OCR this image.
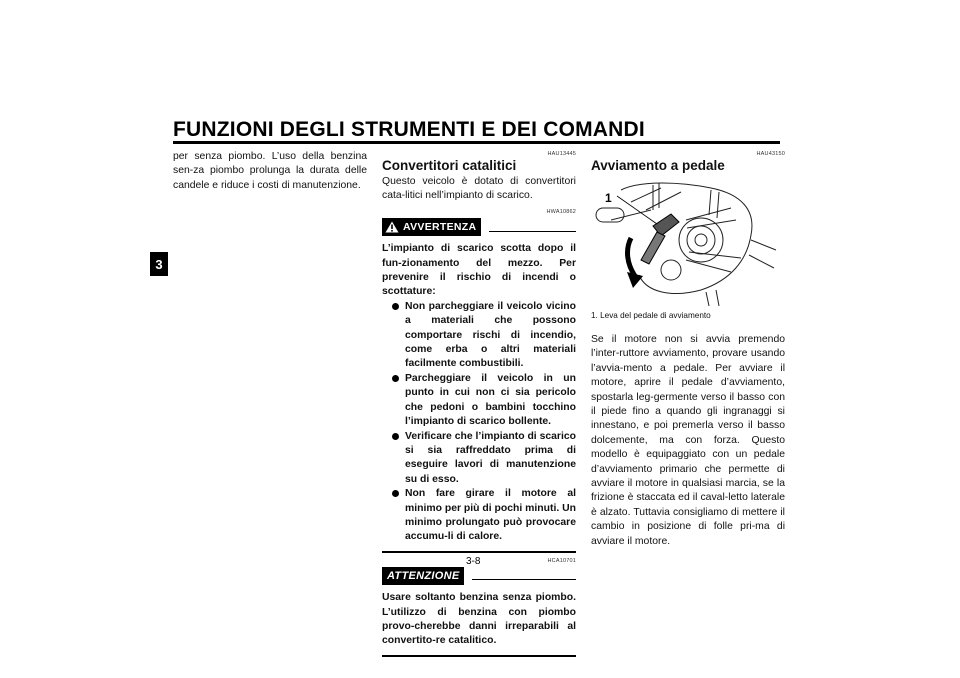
FUNZIONI DEGLI STRUMENTI E DEI COMANDI
3

per senza piombo. L’uso della benzina sen-za piombo prolunga la durata delle candele e riduce i costi di manutenzione.

HAU13445
Convertitori catalitici

Questo veicolo è dotato di convertitori cata-litici nell’impianto di scarico.

HWA10862
AVVERTENZA

L’impianto di scarico scotta dopo il fun-zionamento del mezzo. Per prevenire il rischio di incendi o scottature:

Non parcheggiare il veicolo vicino a materiali che possono comportare rischi di incendio, come erba o altri materiali facilmente combustibili.
Parcheggiare il veicolo in un punto in cui non ci sia pericolo che pedoni o bambini tocchino l’impianto di scarico bollente.
Verificare che l’impianto di scarico si sia raffreddato prima di eseguire lavori di manutenzione su di esso.
Non fare girare il motore al minimo per più di pochi minuti. Un minimo prolungato può provocare accumu-li di calore.
HCA10701
ATTENZIONE

Usare soltanto benzina senza piombo. L’utilizzo di benzina con piombo provo-cherebbe danni irreparabili al convertito-re catalitico.

HAU43150
Avviamento a pedale
1
1. Leva del pedale di avviamento

Se il motore non si avvia premendo l’inter-ruttore avviamento, provare usando l’avvia-mento a pedale. Per avviare il motore, aprire il pedale d’avviamento, spostarla leg-germente verso il basso con il piede fino a quando gli ingranaggi si innestano, e poi premerla verso il basso dolcemente, ma con forza. Questo modello è equipaggiato con un pedale d’avviamento primario che permette di avviare il motore in qualsiasi marcia, se la frizione è staccata ed il caval-letto laterale è alzato. Tuttavia consigliamo di mettere il cambio in posizione di folle pri-ma di avviare il motore.

3-8
